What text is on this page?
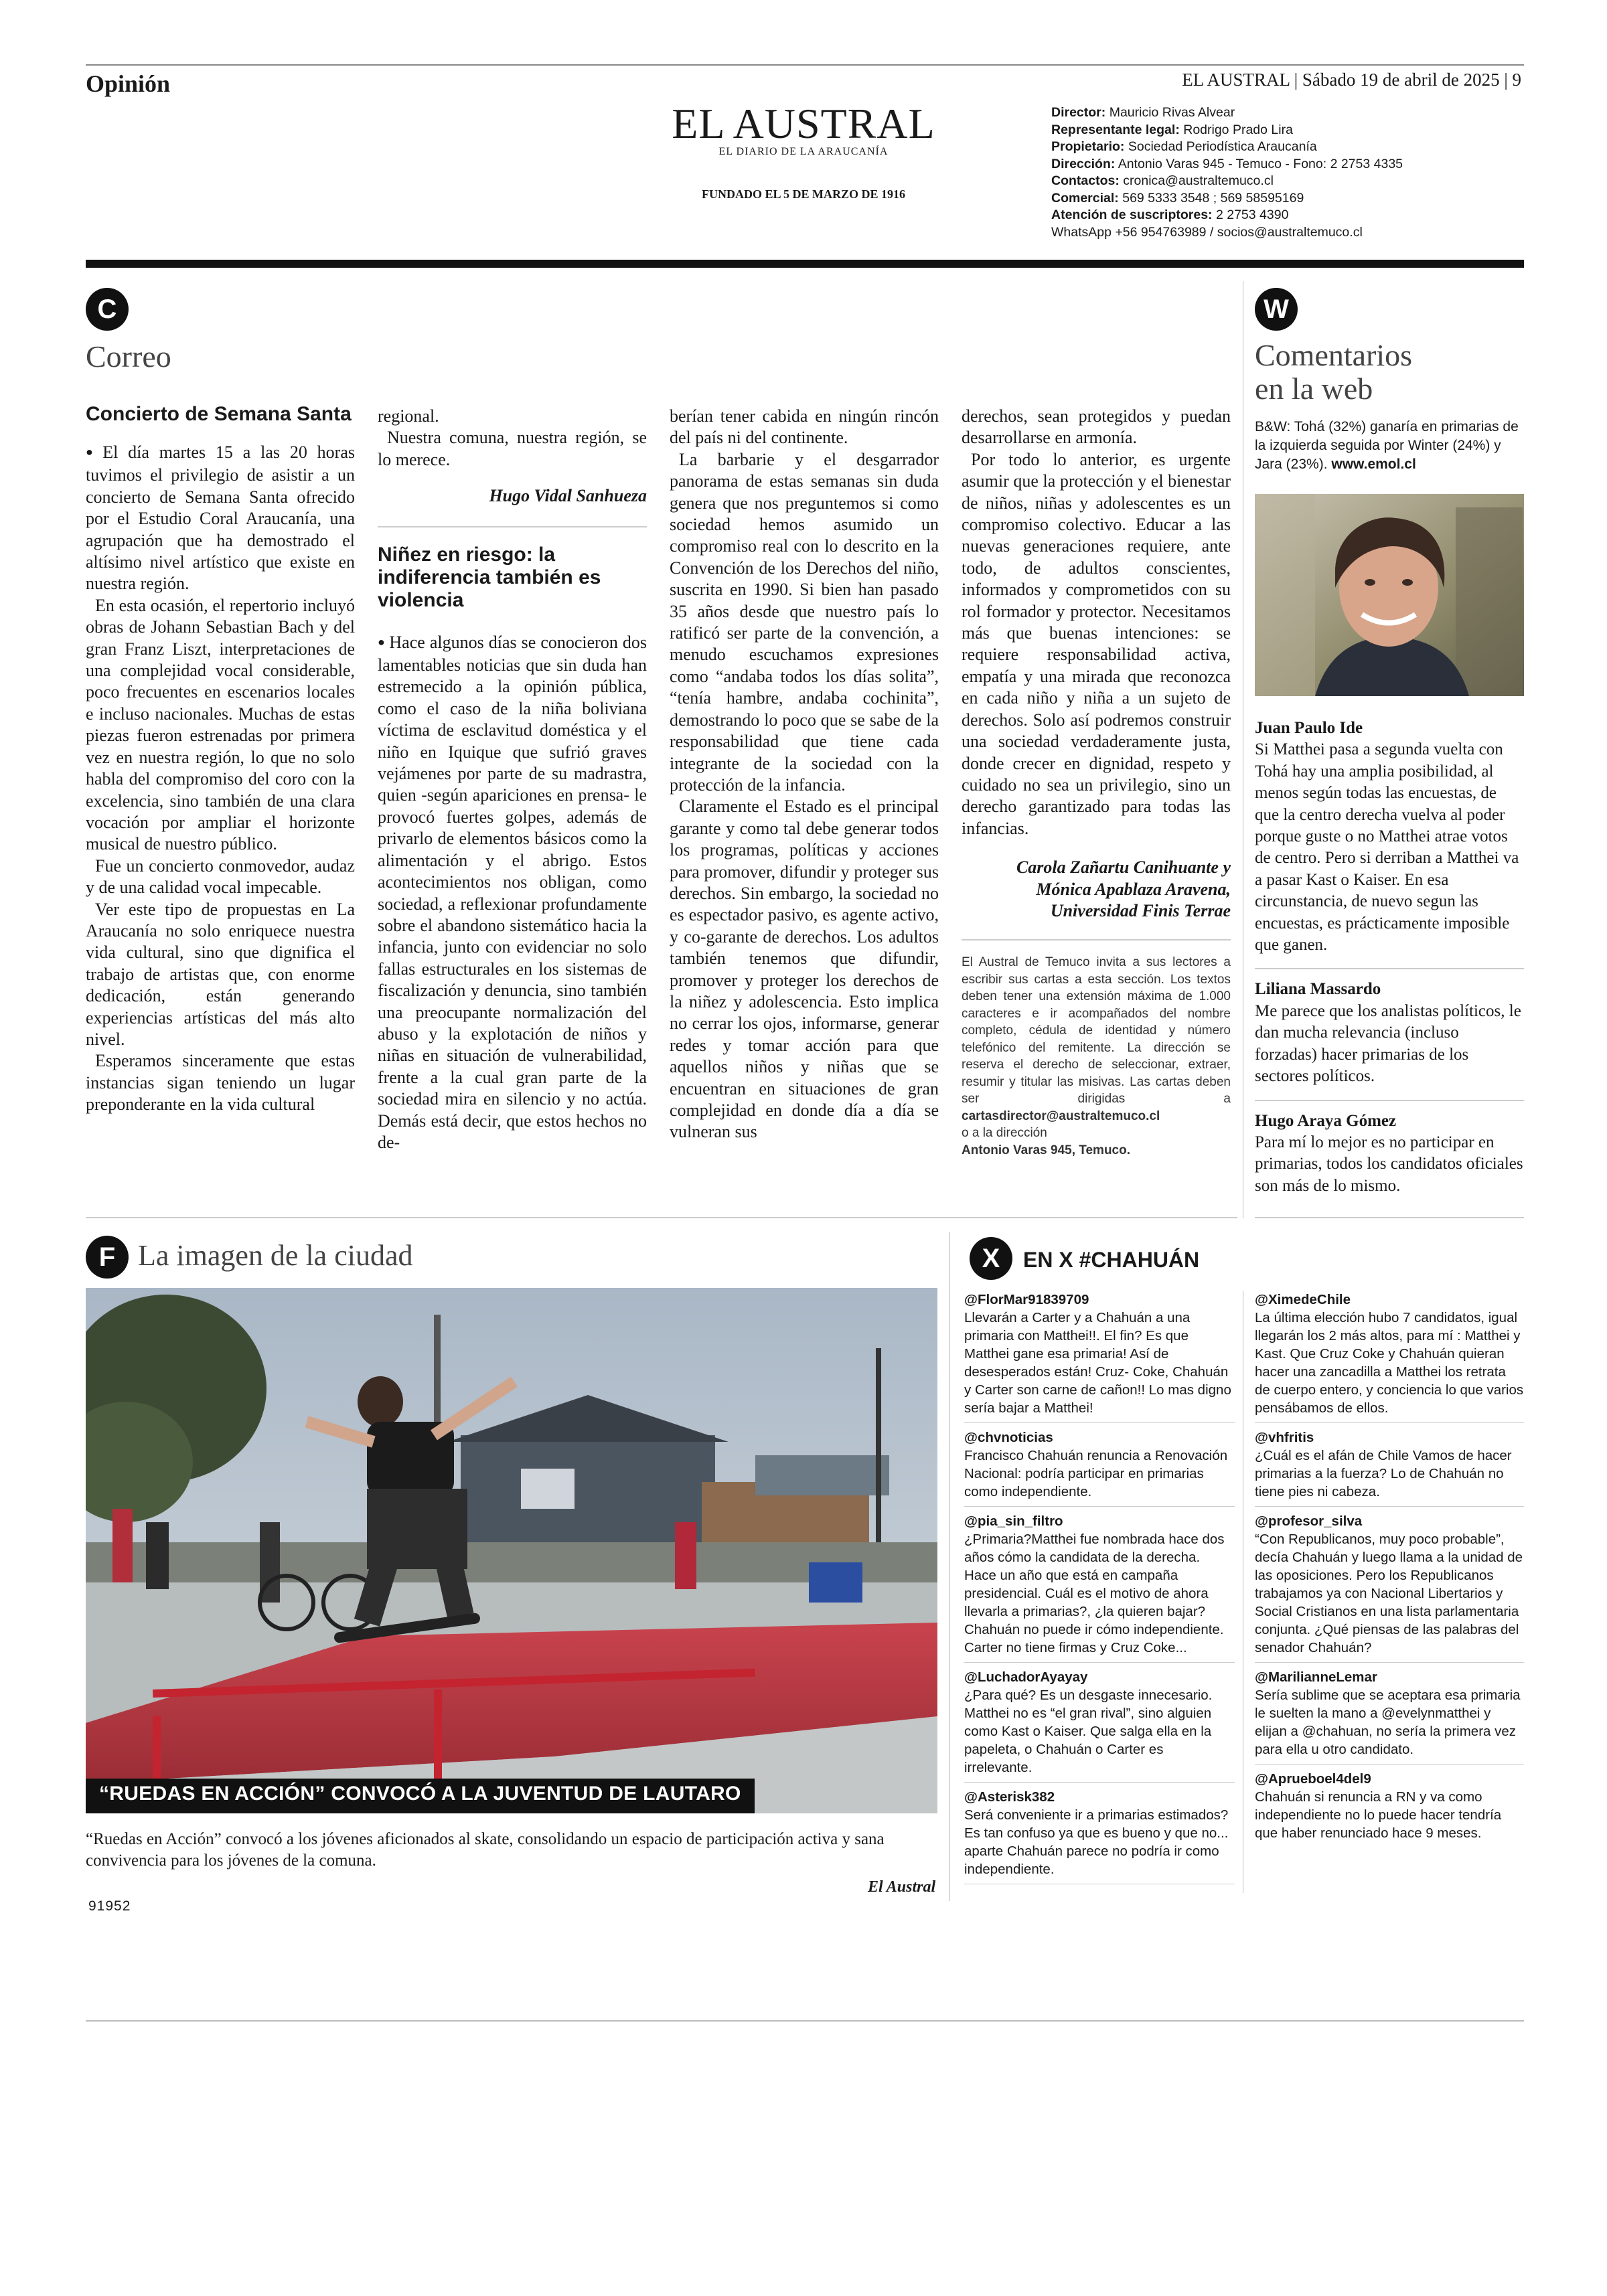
Opinión	EL AUSTRAL | Sábado 19 de abril de 2025 | 9
EL AUSTRAL
EL DIARIO DE LA ARAUCANÍA
FUNDADO EL 5 DE MARZO DE 1916
Director: Mauricio Rivas Alvear
Representante legal: Rodrigo Prado Lira
Propietario: Sociedad Periodística Araucanía
Dirección: Antonio Varas 945 - Temuco - Fono: 2 2753 4335
Contactos: cronica@australtemuco.cl
Comercial: 569 5333 3548 ; 569 58595169
Atención de suscriptores: 2 2753 4390
WhatsApp +56 954763989 / socios@australtemuco.cl
C
Correo
Concierto de Semana Santa

● El día martes 15 a las 20 horas tuvimos el privilegio de asistir a un concierto de Semana Santa ofrecido por el Estudio Coral Araucanía, una agrupación que ha demostrado el altísimo nivel artístico que existe en nuestra región.

En esta ocasión, el repertorio incluyó obras de Johann Sebastian Bach y del gran Franz Liszt, interpretaciones de una complejidad vocal considerable, poco frecuentes en escenarios locales e incluso nacionales. Muchas de estas piezas fueron estrenadas por primera vez en nuestra región, lo que no solo habla del compromiso del coro con la excelencia, sino también de una clara vocación por ampliar el horizonte musical de nuestro público.

Fue un concierto conmovedor, audaz y de una calidad vocal impecable.

Ver este tipo de propuestas en La Araucanía no solo enriquece nuestra vida cultural, sino que dignifica el trabajo de artistas que, con enorme dedicación, están generando experiencias artísticas del más alto nivel.

Esperamos sinceramente que estas instancias sigan teniendo un lugar preponderante en la vida cultural

regional.

Nuestra comuna, nuestra región, se lo merece.

Hugo Vidal Sanhueza

Niñez en riesgo: la indiferencia también es violencia

● Hace algunos días se conocieron dos lamentables noticias que sin duda han estremecido a la opinión pública, como el caso de la niña boliviana víctima de esclavitud doméstica y el niño en Iquique que sufrió graves vejámenes por parte de su madrastra, quien -según apariciones en prensa- le provocó fuertes golpes, además de privarlo de elementos básicos como la alimentación y el abrigo. Estos acontecimientos nos obligan, como sociedad, a reflexionar profundamente sobre el abandono sistemático hacia la infancia, junto con evidenciar no solo fallas estructurales en los sistemas de fiscalización y denuncia, sino también una preocupante normalización del abuso y la explotación de niños y niñas en situación de vulnerabilidad, frente a la cual gran parte de la sociedad mira en silencio y no actúa. Demás está decir, que estos hechos no de-

berían tener cabida en ningún rincón del país ni del continente.

La barbarie y el desgarrador panorama de estas semanas sin duda genera que nos preguntemos si como sociedad hemos asumido un compromiso real con lo descrito en la Convención de los Derechos del niño, suscrita en 1990. Si bien han pasado 35 años desde que nuestro país lo ratificó ser parte de la convención, a menudo escuchamos expresiones como “andaba todos los días solita”, “tenía hambre, andaba cochinita”, demostrando lo poco que se sabe de la responsabilidad que tiene cada integrante de la sociedad con la protección de la infancia.

Claramente el Estado es el principal garante y como tal debe generar todos los programas, políticas y acciones para promover, difundir y proteger sus derechos. Sin embargo, la sociedad no es espectador pasivo, es agente activo, y co-garante de derechos. Los adultos también tenemos que difundir, promover y proteger los derechos de la niñez y adolescencia. Esto implica no cerrar los ojos, informarse, generar redes y tomar acción para que aquellos niños y niñas que se encuentran en situaciones de gran complejidad en donde día a día se vulneran sus

derechos, sean protegidos y puedan desarrollarse en armonía.

Por todo lo anterior, es urgente asumir que la protección y el bienestar de niños, niñas y adolescentes es un compromiso colectivo. Educar a las nuevas generaciones requiere, ante todo, de adultos conscientes, informados y comprometidos con su rol formador y protector. Necesitamos más que buenas intenciones: se requiere responsabilidad activa, empatía y una mirada que reconozca en cada niño y niña a un sujeto de derechos. Solo así podremos construir una sociedad verdaderamente justa, donde crecer en dignidad, respeto y cuidado no sea un privilegio, sino un derecho garantizado para todas las infancias.

Carola Zañartu Canihuante y Mónica Apablaza Aravena, Universidad Finis Terrae

El Austral de Temuco invita a sus lectores a escribir sus cartas a esta sección. Los textos deben tener una extensión máxima de 1.000 caracteres e ir acompañados del nombre completo, cédula de identidad y número telefónico del remitente. La dirección se reserva el derecho de seleccionar, extraer, resumir y titular las misivas. Las cartas deben ser dirigidas a cartasdirector@australtemuco.cl
o a la dirección
Antonio Varas 945, Temuco.
W
Comentarios
en la web
B&W: Tohá (32%) ganaría en primarias de la izquierda seguida por Winter (24%) y Jara (23%). www.emol.cl
Juan Paulo Ide
Si Matthei pasa a segunda vuelta con Tohá hay una amplia posibilidad, al menos según todas las encuestas, de que la centro derecha vuelva al poder porque guste o no Matthei atrae votos de centro. Pero si derriban a Matthei va a pasar Kast o Kaiser. En esa circunstancia, de nuevo segun las encuestas, es prácticamente imposible que ganen.
Liliana Massardo
Me parece que los analistas políticos, le dan mucha relevancia (incluso forzadas) hacer primarias de los sectores políticos.
Hugo Araya Gómez
Para mí lo mejor es no participar en primarias, todos los candidatos oficiales son más de lo mismo.
F La imagen de la ciudad
“RUEDAS EN ACCIÓN” CONVOCÓ A LA JUVENTUD DE LAUTARO
“Ruedas en Acción” convocó a los jóvenes aficionados al skate, consolidando un espacio de participación activa y sana convivencia para los jóvenes de la comuna.
El Austral
91952
X	EN X #CHAHUÁN
@FlorMar91839709
Llevarán a Carter y a Chahuán a una primaria con Matthei!!. El fin? Es que Matthei gane esa primaria! Así de desesperados están! Cruz- Coke, Chahuán y Carter son carne de cañon!! Lo mas digno sería bajar a Matthei!
@chvnoticias
Francisco Chahuán renuncia a Renovación Nacional: podría participar en primarias como independiente.
@pia_sin_filtro
¿Primaria?Matthei fue nombrada hace dos años cómo la candidata de la derecha. Hace un año que está en campaña presidencial. Cuál es el motivo de ahora llevarla a primarias?, ¿la quieren bajar? Chahuán no puede ir cómo independiente. Carter no tiene firmas y Cruz Coke...
@LuchadorAyayay
¿Para qué? Es un desgaste innecesario. Matthei no es “el gran rival”, sino alguien como Kast o Kaiser. Que salga ella en la papeleta, o Chahuán o Carter es irrelevante.
@Asterisk382
Será conveniente ir a primarias estimados? Es tan confuso ya que es bueno y que no... aparte Chahuán parece no podría ir como independiente.
@XimedeChile
La última elección hubo 7 candidatos, igual llegarán los 2 más altos, para mí : Matthei y Kast. Que Cruz Coke y Chahuán quieran hacer una zancadilla a Matthei los retrata de cuerpo entero, y conciencia lo que varios pensábamos de ellos.
@vhfritis
¿Cuál es el afán de Chile Vamos de hacer primarias a la fuerza? Lo de Chahuán no tiene pies ni cabeza.
@profesor_silva
“Con Republicanos, muy poco probable”, decía Chahuán y luego llama a la unidad de las oposiciones. Pero los Republicanos trabajamos ya con Nacional Libertarios y Social Cristianos en una lista parlamentaria conjunta. ¿Qué piensas de las palabras del senador Chahuán?
@MarilianneLemar
Sería sublime que se aceptara esa primaria le suelten la mano a @evelynmatthei y elijan a @chahuan, no sería la primera vez para ella u otro candidato.
@Aprueboel4del9
Chahuán si renuncia a RN y va como independiente no lo puede hacer tendría que haber renunciado hace 9 meses.
